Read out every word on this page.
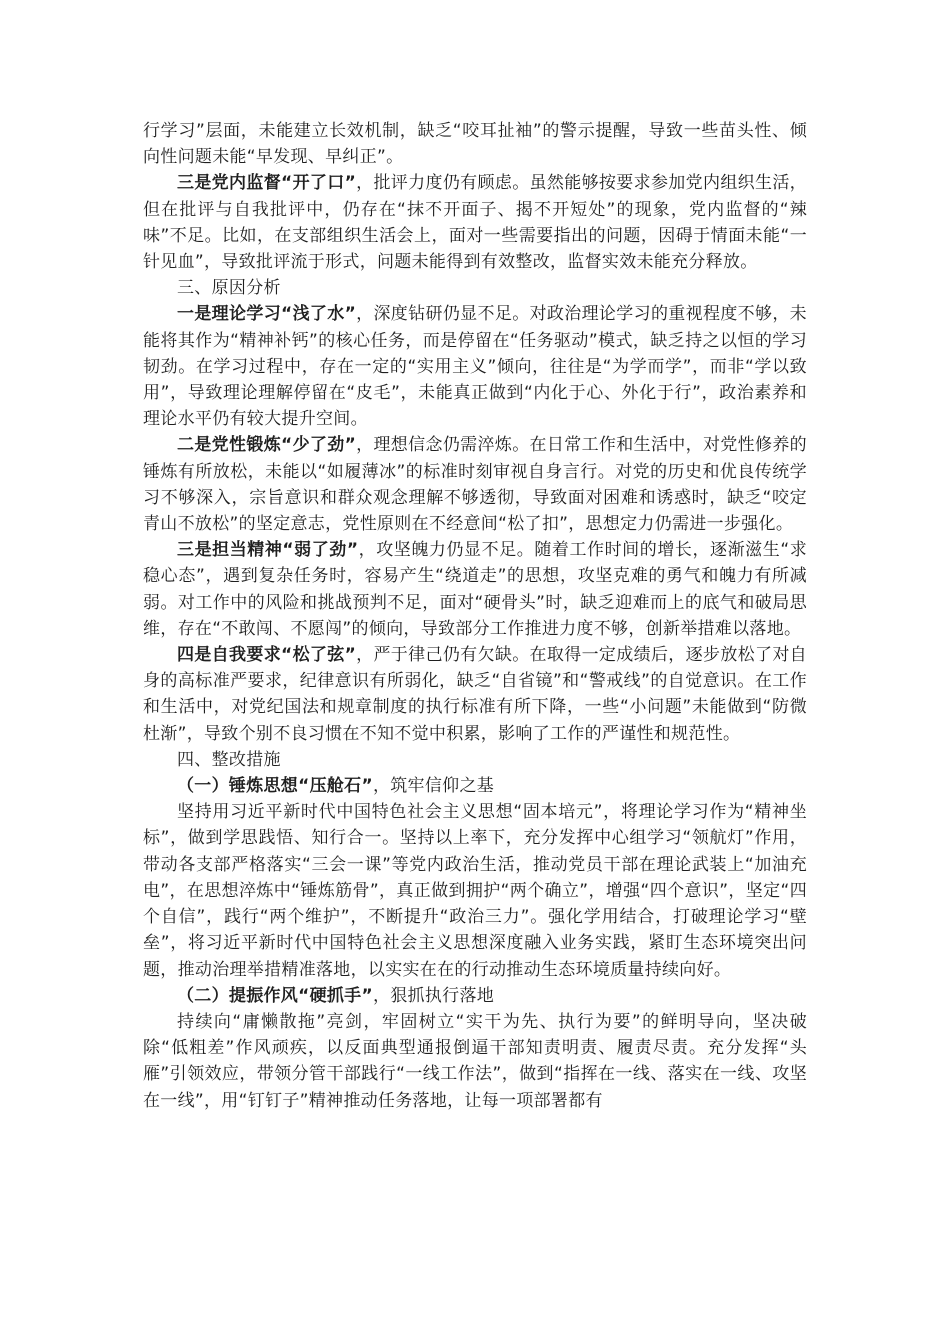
行学习”层面，未能建立长效机制，缺乏“咬耳扯袖”的警示提醒，导致一些苗头性、倾向性问题未能“早发现、早纠正”。

三是党内监督“开了口”，批评力度仍有顾虑。虽然能够按要求参加党内组织生活，但在批评与自我批评中，仍存在“抹不开面子、揭不开短处”的现象，党内监督的“辣味”不足。比如，在支部组织生活会上，面对一些需要指出的问题，因碍于情面未能“一针见血”，导致批评流于形式，问题未能得到有效整改，监督实效未能充分释放。

三、原因分析

一是理论学习“浅了水”，深度钻研仍显不足。对政治理论学习的重视程度不够，未能将其作为“精神补钙”的核心任务，而是停留在“任务驱动”模式，缺乏持之以恒的学习韧劲。在学习过程中，存在一定的“实用主义”倾向，往往是“为学而学”，而非“学以致用”，导致理论理解停留在“皮毛”，未能真正做到“内化于心、外化于行”，政治素养和理论水平仍有较大提升空间。

二是党性锻炼“少了劲”，理想信念仍需淬炼。在日常工作和生活中，对党性修养的锤炼有所放松，未能以“如履薄冰”的标准时刻审视自身言行。对党的历史和优良传统学习不够深入，宗旨意识和群众观念理解不够透彻，导致面对困难和诱惑时，缺乏“咬定青山不放松”的坚定意志，党性原则在不经意间“松了扣”，思想定力仍需进一步强化。

三是担当精神“弱了劲”，攻坚魄力仍显不足。随着工作时间的增长，逐渐滋生“求稳心态”，遇到复杂任务时，容易产生“绕道走”的思想，攻坚克难的勇气和魄力有所减弱。对工作中的风险和挑战预判不足，面对“硬骨头”时，缺乏迎难而上的底气和破局思维，存在“不敢闯、不愿闯”的倾向，导致部分工作推进力度不够，创新举措难以落地。

四是自我要求“松了弦”，严于律己仍有欠缺。在取得一定成绩后，逐步放松了对自身的高标准严要求，纪律意识有所弱化，缺乏“自省镜”和“警戒线”的自觉意识。在工作和生活中，对党纪国法和规章制度的执行标准有所下降，一些“小问题”未能做到“防微杜渐”，导致个别不良习惯在不知不觉中积累，影响了工作的严谨性和规范性。

四、整改措施

（一）锤炼思想“压舱石”，筑牢信仰之基

坚持用习近平新时代中国特色社会主义思想“固本培元”，将理论学习作为“精神坐标”，做到学思践悟、知行合一。坚持以上率下，充分发挥中心组学习“领航灯”作用，带动各支部严格落实“三会一课”等党内政治生活，推动党员干部在理论武装上“加油充电”，在思想淬炼中“锤炼筋骨”，真正做到拥护“两个确立”，增强“四个意识”，坚定“四个自信”，践行“两个维护”，不断提升“政治三力”。强化学用结合，打破理论学习“壁垒”，将习近平新时代中国特色社会主义思想深度融入业务实践，紧盯生态环境突出问题，推动治理举措精准落地，以实实在在的行动推动生态环境质量持续向好。

（二）提振作风“硬抓手”，狠抓执行落地

持续向“庸懒散拖”亮剑，牢固树立“实干为先、执行为要”的鲜明导向，坚决破除“低粗差”作风顽疾，以反面典型通报倒逼干部知责明责、履责尽责。充分发挥“头雁”引领效应，带领分管干部践行“一线工作法”，做到“指挥在一线、落实在一线、攻坚在一线”，用“钉钉子”精神推动任务落地，让每一项部署都有
